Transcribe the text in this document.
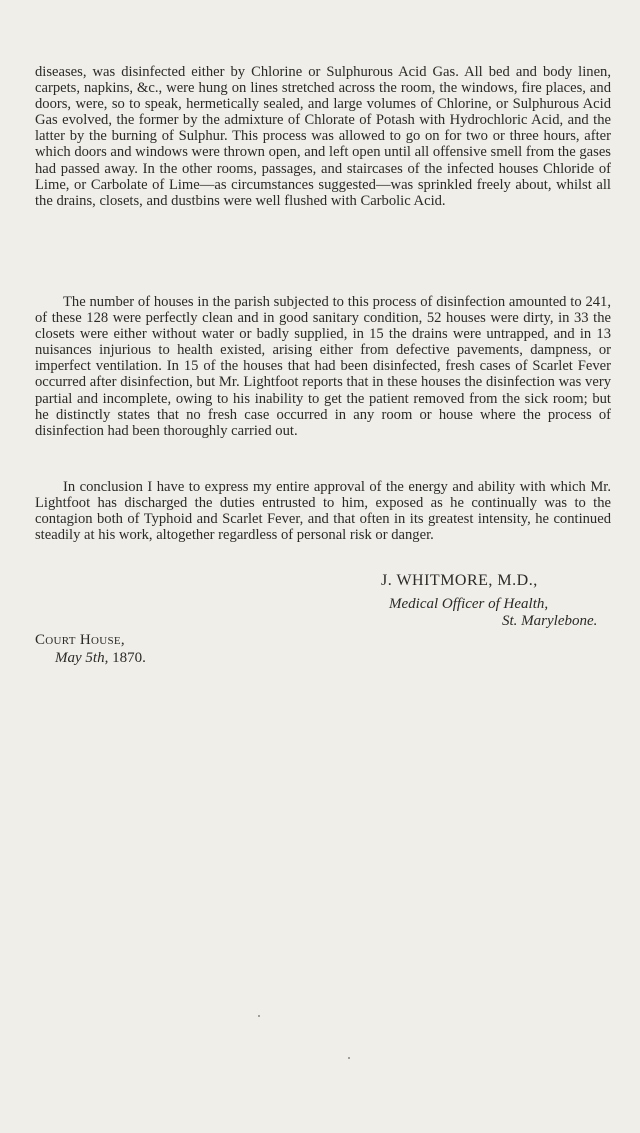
diseases, was disinfected either by Chlorine or Sulphurous Acid Gas. All bed and body linen, carpets, napkins, &c., were hung on lines stretched across the room, the windows, fire places, and doors, were, so to speak, hermetically sealed, and large volumes of Chlorine, or Sulphurous Acid Gas evolved, the former by the admixture of Chlorate of Potash with Hydrochloric Acid, and the latter by the burning of Sulphur. This process was allowed to go on for two or three hours, after which doors and windows were thrown open, and left open until all offensive smell from the gases had passed away. In the other rooms, passages, and staircases of the infected houses Chloride of Lime, or Carbolate of Lime—as circumstances suggested—was sprinkled freely about, whilst all the drains, closets, and dustbins were well flushed with Carbolic Acid.

The number of houses in the parish subjected to this process of disinfection amounted to 241, of these 128 were perfectly clean and in good sanitary condition, 52 houses were dirty, in 33 the closets were either without water or badly supplied, in 15 the drains were untrapped, and in 13 nuisances injurious to health existed, arising either from defective pavements, dampness, or imperfect ventilation. In 15 of the houses that had been disinfected, fresh cases of Scarlet Fever occurred after disinfection, but Mr. Lightfoot reports that in these houses the disinfection was very partial and incomplete, owing to his inability to get the patient removed from the sick room; but he distinctly states that no fresh case occurred in any room or house where the process of disinfection had been thoroughly carried out.

In conclusion I have to express my entire approval of the energy and ability with which Mr. Lightfoot has discharged the duties entrusted to him, exposed as he continually was to the contagion both of Typhoid and Scarlet Fever, and that often in its greatest intensity, he continued steadily at his work, altogether regardless of personal risk or danger.

J. WHITMORE, M.D.,
Medical Officer of Health,
St. Marylebone.
Court House,
May 5th, 1870.
